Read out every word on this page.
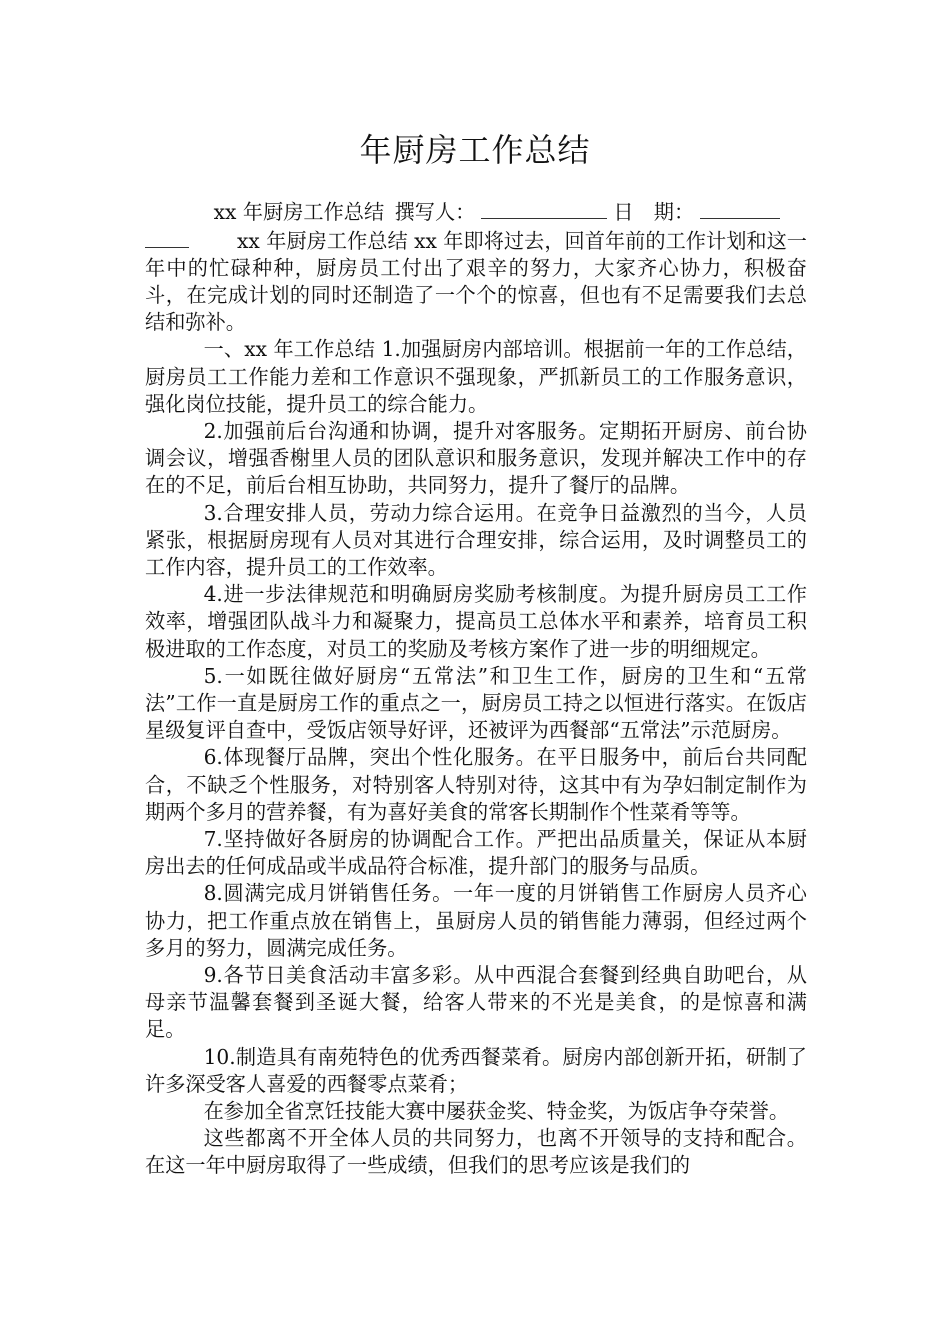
年厨房工作总结

xx 年厨房工作总结 撰写人：	日　期：

xx 年厨房工作总结 xx 年即将过去，回首年前的工作计划和这一年中的忙碌种种，厨房员工付出了艰辛的努力，大家齐心协力，积极奋斗，在完成计划的同时还制造了一个个的惊喜，但也有不足需要我们去总结和弥补。

一、xx 年工作总结 1.加强厨房内部培训。根据前一年的工作总结，厨房员工工作能力差和工作意识不强现象，严抓新员工的工作服务意识，强化岗位技能，提升员工的综合能力。

2.加强前后台沟通和协调，提升对客服务。定期拓开厨房、前台协调会议，增强香榭里人员的团队意识和服务意识，发现并解决工作中的存在的不足，前后台相互协助，共同努力，提升了餐厅的品牌。

3.合理安排人员，劳动力综合运用。在竞争日益激烈的当今，人员紧张，根据厨房现有人员对其进行合理安排，综合运用，及时调整员工的工作内容，提升员工的工作效率。

4.进一步法律规范和明确厨房奖励考核制度。为提升厨房员工工作效率，增强团队战斗力和凝聚力，提高员工总体水平和素养，培育员工积极进取的工作态度，对员工的奖励及考核方案作了进一步的明细规定。

5.一如既往做好厨房“五常法”和卫生工作，厨房的卫生和“五常法”工作一直是厨房工作的重点之一，厨房员工持之以恒进行落实。在饭店星级复评自查中，受饭店领导好评，还被评为西餐部“五常法”示范厨房。

6.体现餐厅品牌，突出个性化服务。在平日服务中，前后台共同配合，不缺乏个性服务，对特别客人特别对待，这其中有为孕妇制定制作为期两个多月的营养餐，有为喜好美食的常客长期制作个性菜肴等等。

7.坚持做好各厨房的协调配合工作。严把出品质量关，保证从本厨房出去的任何成品或半成品符合标准，提升部门的服务与品质。

8.圆满完成月饼销售任务。一年一度的月饼销售工作厨房人员齐心协力，把工作重点放在销售上，虽厨房人员的销售能力薄弱，但经过两个多月的努力，圆满完成任务。

9.各节日美食活动丰富多彩。从中西混合套餐到经典自助吧台，从母亲节温馨套餐到圣诞大餐，给客人带来的不光是美食，的是惊喜和满足。

10.制造具有南苑特色的优秀西餐菜肴。厨房内部创新开拓，研制了许多深受客人喜爱的西餐零点菜肴；

在参加全省烹饪技能大赛中屡获金奖、特金奖，为饭店争夺荣誉。

这些都离不开全体人员的共同努力，也离不开领导的支持和配合。在这一年中厨房取得了一些成绩，但我们的思考应该是我们的
